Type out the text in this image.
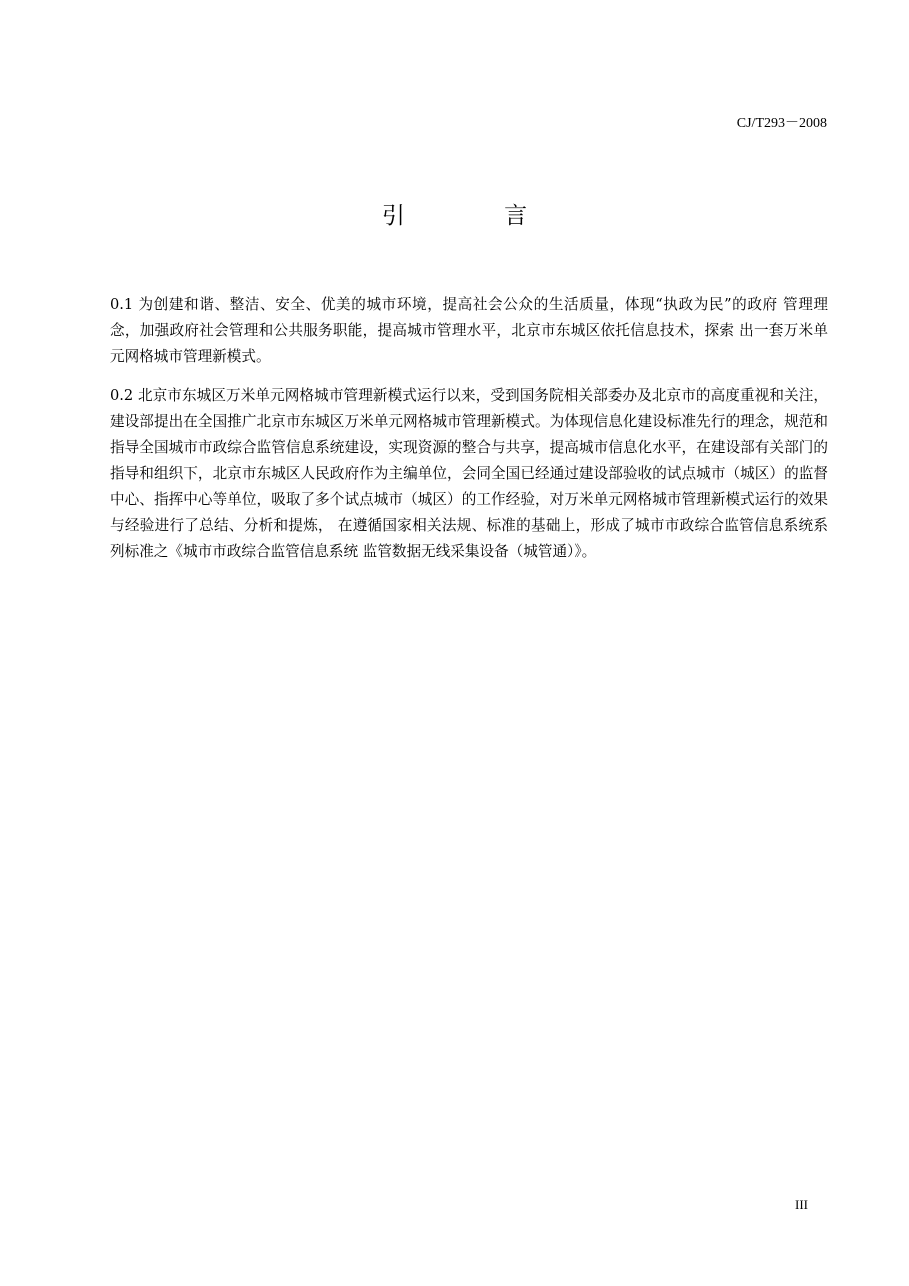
CJ/T293－2008
引 言

0.1 为创建和谐、整洁、安全、优美的城市环境，提高社会公众的生活质量，体现“执政为民”的政府 管理理念，加强政府社会管理和公共服务职能，提高城市管理水平，北京市东城区依托信息技术，探索 出一套万米单元网格城市管理新模式。

0.2 北京市东城区万米单元网格城市管理新模式运行以来，受到国务院相关部委办及北京市的高度重视和关注，建设部提出在全国推广北京市东城区万米单元网格城市管理新模式。为体现信息化建设标准先行的理念，规范和指导全国城市市政综合监管信息系统建设，实现资源的整合与共享，提高城市信息化水平，在建设部有关部门的指导和组织下，北京市东城区人民政府作为主编单位，会同全国已经通过建设部验收的试点城市（城区）的监督中心、指挥中心等单位，吸取了多个试点城市（城区）的工作经验，对万米单元网格城市管理新模式运行的效果与经验进行了总结、分析和提炼， 在遵循国家相关法规、标准的基础上，形成了城市市政综合监管信息系统系列标准之《城市市政综合监管信息系统 监管数据无线采集设备（城管通）》。

III
